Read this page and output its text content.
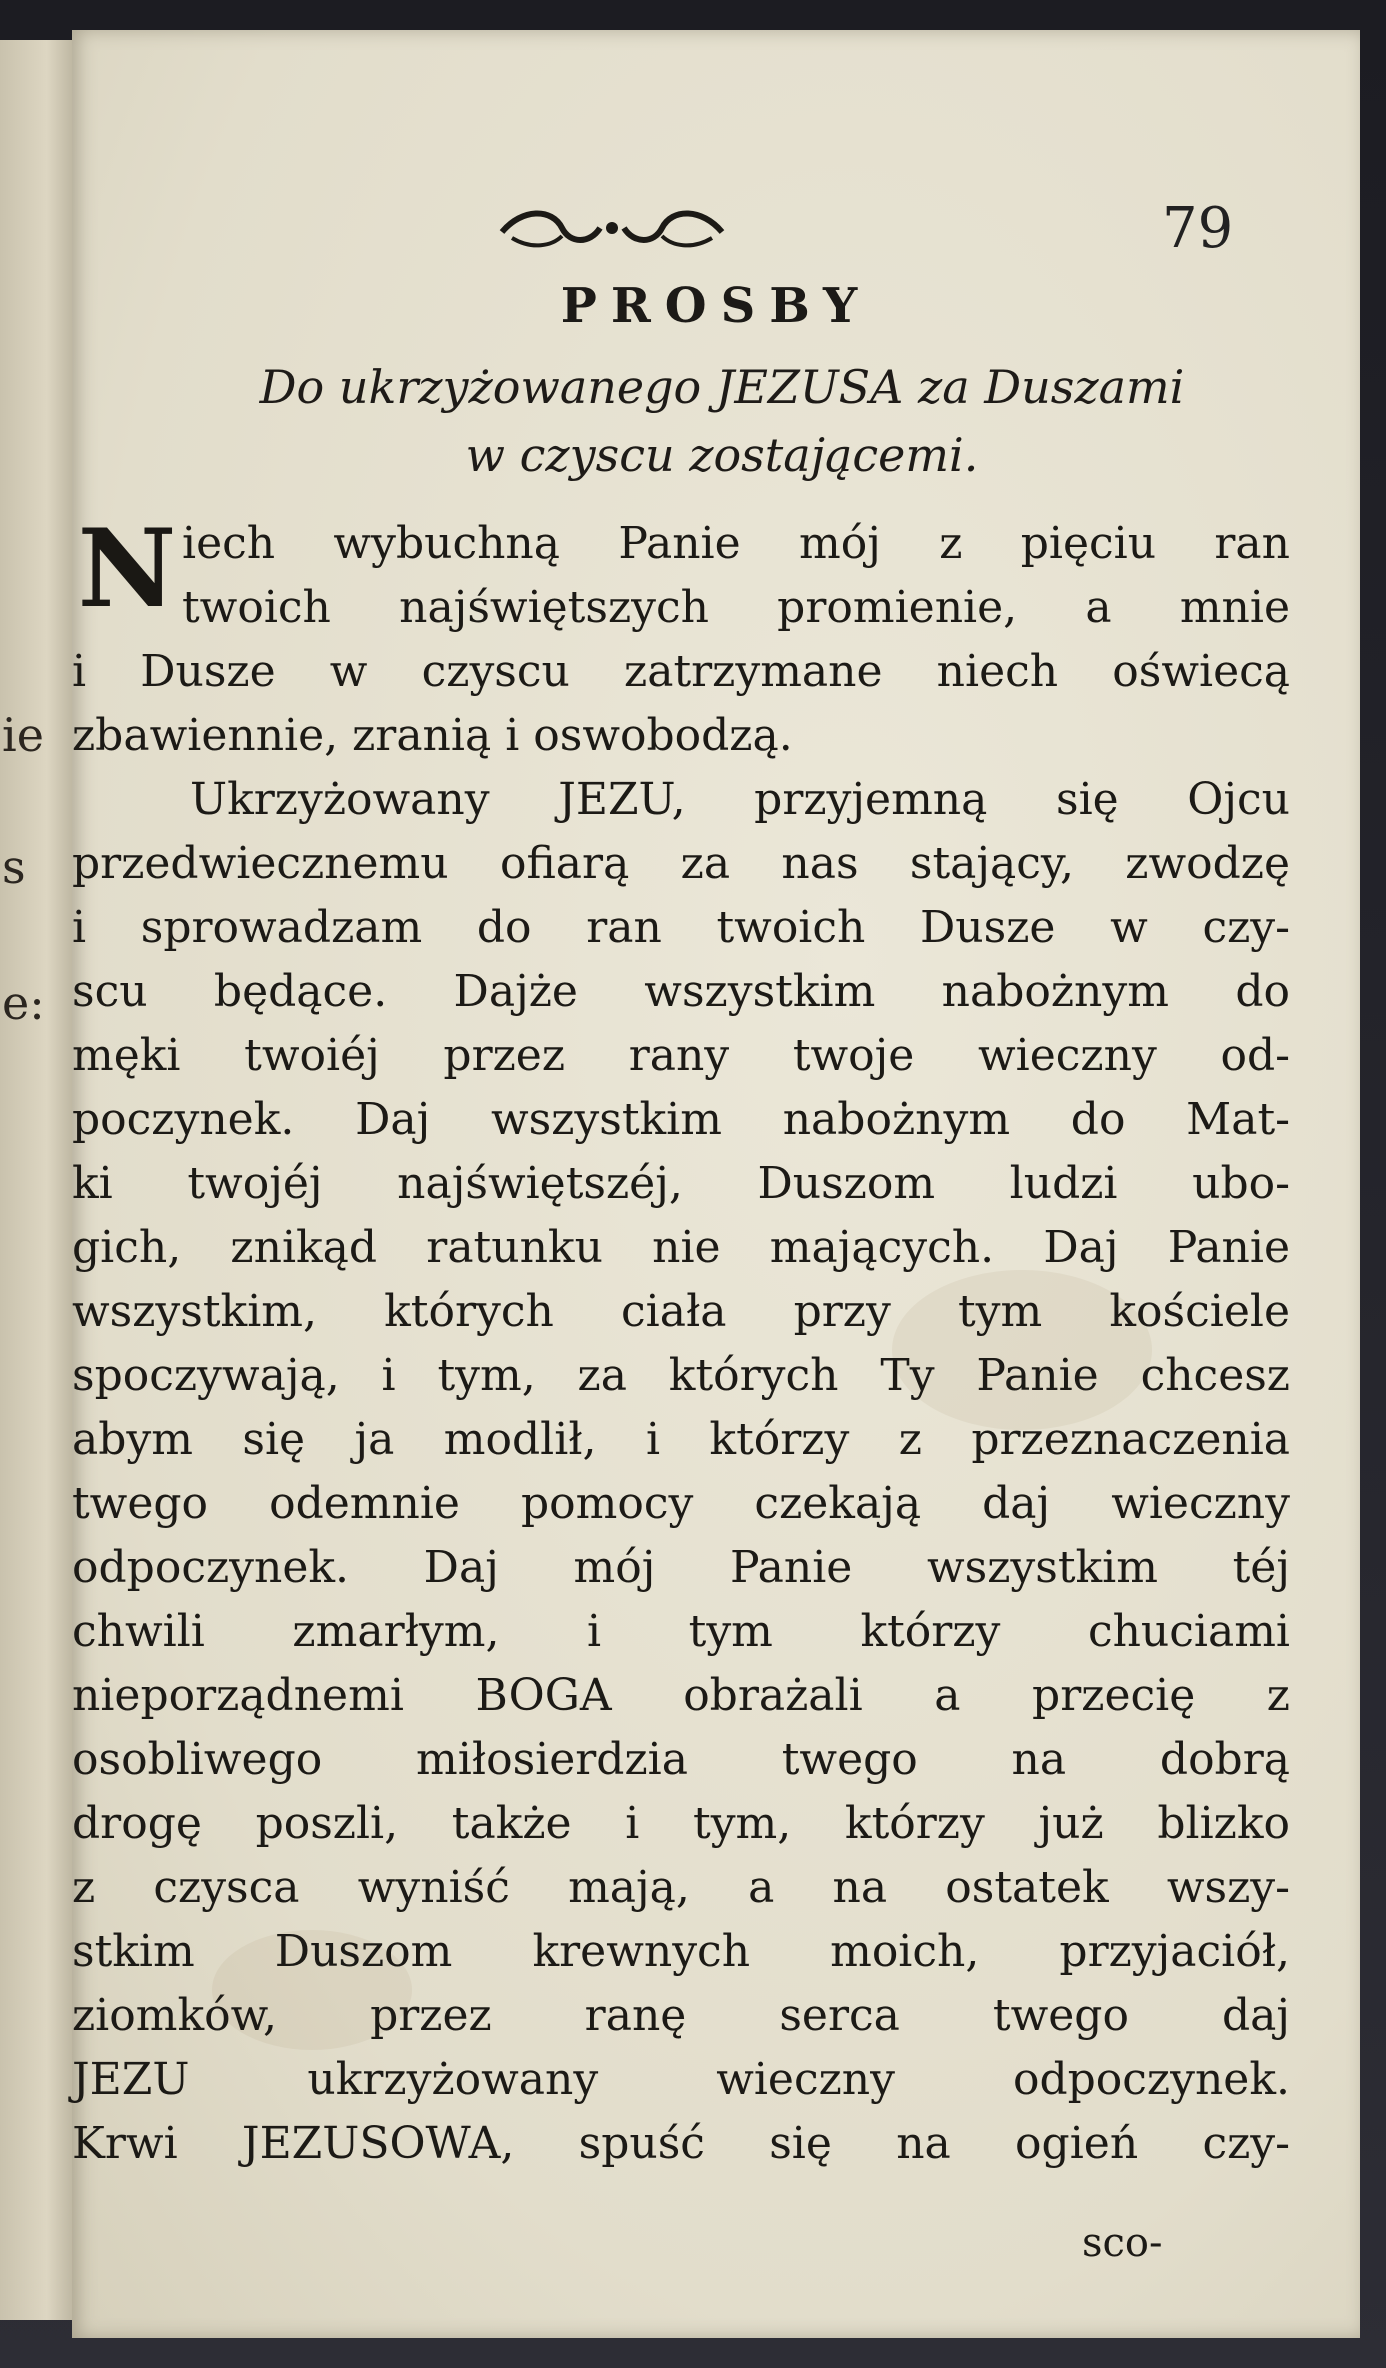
ie
s
e:
79
PROSBY
Do ukrzyżowanego JEZUSA za Duszami
w czyscu zostającemi.
N iech wybuchną Panie mój z pięciu ran
twoich najświętszych promienie, a mnie
i Dusze w czyscu zatrzymane niech oświecą
zbawiennie, zranią i oswobodzą.
Ukrzyżowany JEZU, przyjemną się Ojcu
przedwiecznemu ofiarą za nas stający, zwodzę
i sprowadzam do ran twoich Dusze w czy-
scu będące. Dajże wszystkim nabożnym do
męki twoiéj przez rany twoje wieczny od-
poczynek. Daj wszystkim nabożnym do Mat-
ki twojéj najświętszéj, Duszom ludzi ubo-
gich, znikąd ratunku nie mających. Daj Panie
wszystkim, których ciała przy tym kościele
spoczywają, i tym, za których Ty Panie chcesz
abym się ja modlił, i którzy z przeznaczenia
twego odemnie pomocy czekają daj wieczny
odpoczynek. Daj mój Panie wszystkim téj
chwili zmarłym, i tym którzy chuciami
nieporządnemi BOGA obrażali a przecię z
osobliwego miłosierdzia twego na dobrą
drogę poszli, także i tym, którzy już blizko
z czysca wyniść mają, a na ostatek wszy-
stkim Duszom krewnych moich, przyjaciół,
ziomków, przez ranę serca twego daj
JEZU ukrzyżowany wieczny odpoczynek.
Krwi JEZUSOWA, spuść się na ogień czy-
sco-
